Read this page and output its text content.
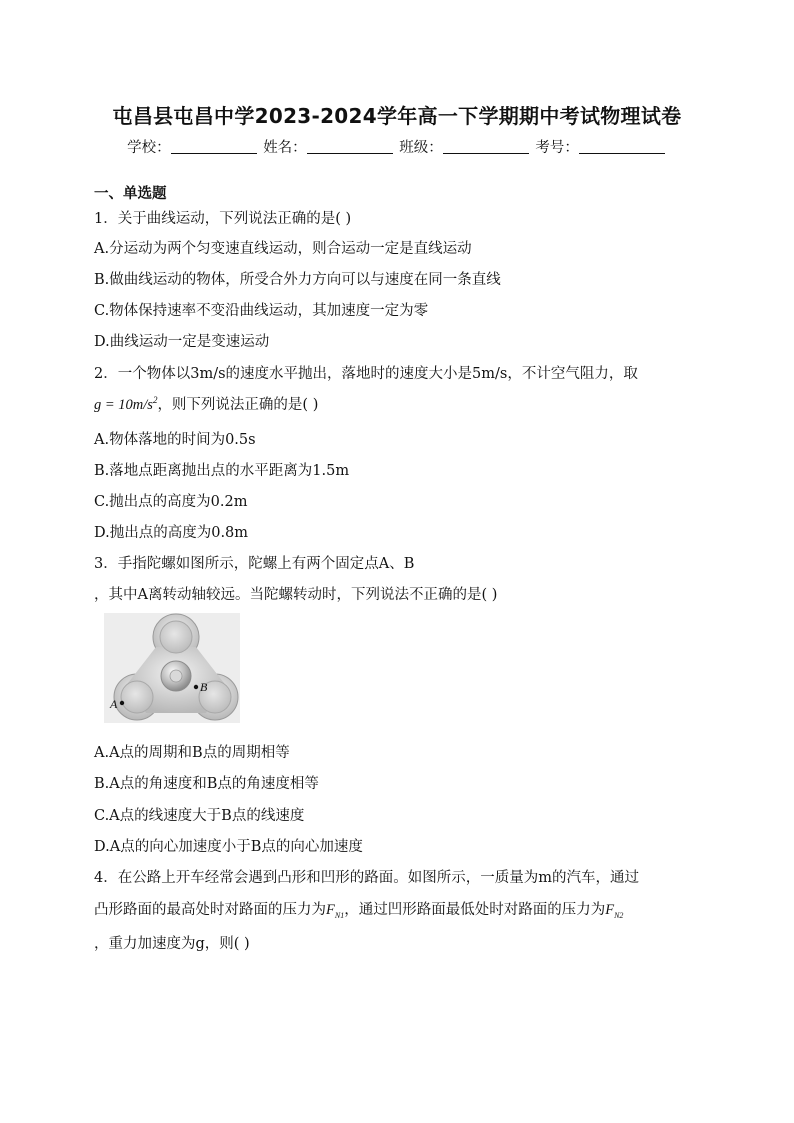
屯昌县屯昌中学2023-2024学年高一下学期期中考试物理试卷
学校：	姓名：	班级：	考号：
一、单选题
1．关于曲线运动，下列说法正确的是( )
A.分运动为两个匀变速直线运动，则合运动一定是直线运动
B.做曲线运动的物体，所受合外力方向可以与速度在同一条直线
C.物体保持速率不变沿曲线运动，其加速度一定为零
D.曲线运动一定是变速运动
2．一个物体以3m/s的速度水平抛出，落地时的速度大小是5m/s，不计空气阻力，取
$g = 10m/s^2$，则下列说法正确的是( )
A.物体落地的时间为0.5s
B.落地点距离抛出点的水平距离为1.5m
C.抛出点的高度为0.2m
D.抛出点的高度为0.8m
3．手指陀螺如图所示，陀螺上有两个固定点A、B
，其中A离转动轴较远。当陀螺转动时，下列说法不正确的是( )
A
B
A.A点的周期和B点的周期相等
B.A点的角速度和B点的角速度相等
C.A点的线速度大于B点的线速度
D.A点的向心加速度小于B点的向心加速度
4．在公路上开车经常会遇到凸形和凹形的路面。如图所示，一质量为m的汽车，通过
凸形路面的最高处时对路面的压力为$F_{N1}$，通过凹形路面最低处时对路面的压力为$F_{N2}$
，重力加速度为g，则( )
